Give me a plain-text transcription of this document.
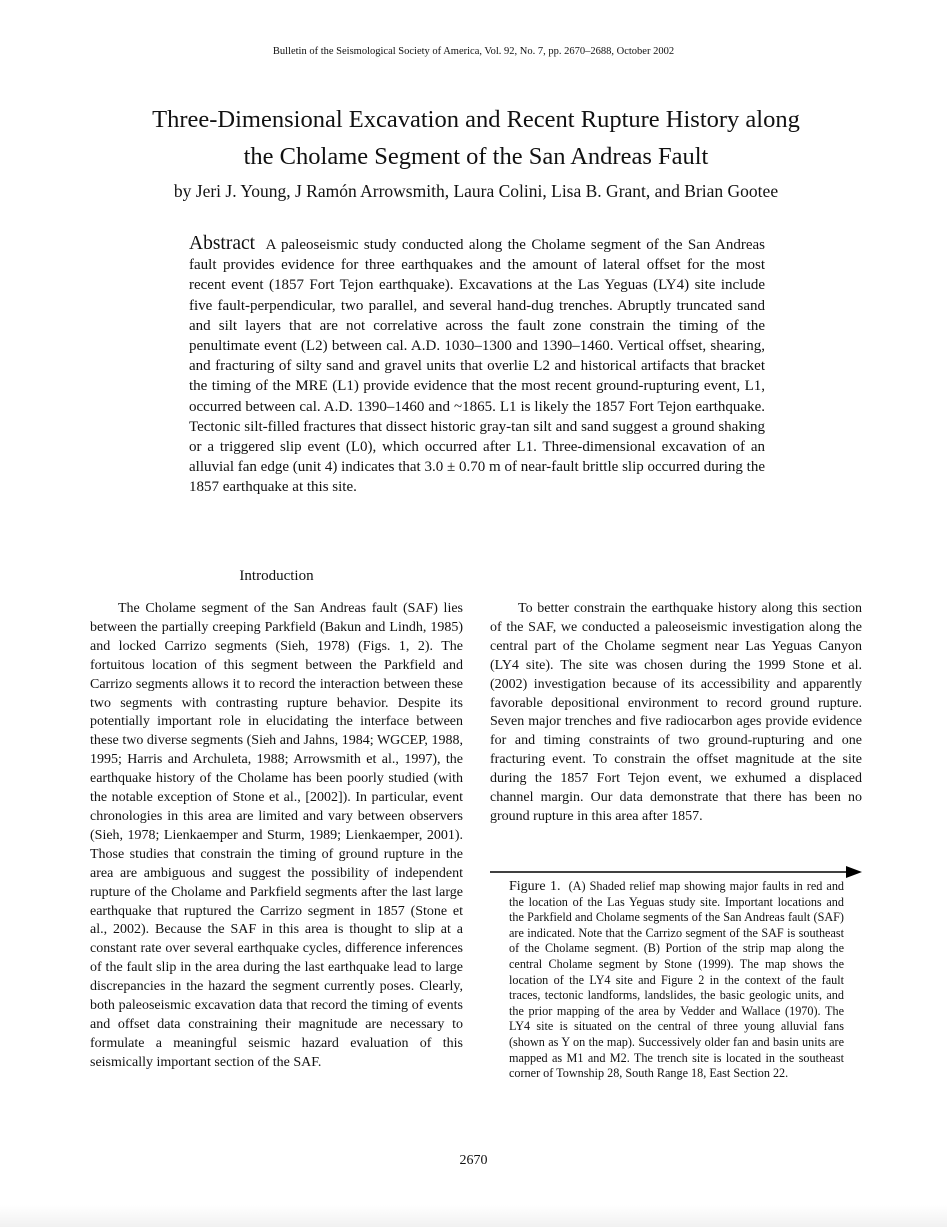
Bulletin of the Seismological Society of America, Vol. 92, No. 7, pp. 2670–2688, October 2002
Three-Dimensional Excavation and Recent Rupture History along
the Cholame Segment of the San Andreas Fault
by Jeri J. Young, J Ramón Arrowsmith, Laura Colini, Lisa B. Grant, and Brian Gootee
Abstract A paleoseismic study conducted along the Cholame segment of the San Andreas fault provides evidence for three earthquakes and the amount of lateral offset for the most recent event (1857 Fort Tejon earthquake). Excavations at the Las Yeguas (LY4) site include five fault-perpendicular, two parallel, and several hand-dug trenches. Abruptly truncated sand and silt layers that are not correlative across the fault zone constrain the timing of the penultimate event (L2) between cal. A.D. 1030–1300 and 1390–1460. Vertical offset, shearing, and fracturing of silty sand and gravel units that overlie L2 and historical artifacts that bracket the timing of the MRE (L1) provide evidence that the most recent ground-rupturing event, L1, occurred between cal. A.D. 1390–1460 and ~1865. L1 is likely the 1857 Fort Tejon earthquake. Tectonic silt-filled fractures that dissect historic gray-tan silt and sand suggest a ground shaking or a triggered slip event (L0), which occurred after L1. Three-dimensional excavation of an alluvial fan edge (unit 4) indicates that 3.0 ± 0.70 m of near-fault brittle slip occurred during the 1857 earthquake at this site.
Introduction

The Cholame segment of the San Andreas fault (SAF) lies between the partially creeping Parkfield (Bakun and Lindh, 1985) and locked Carrizo segments (Sieh, 1978) (Figs. 1, 2). The fortuitous location of this segment between the Parkfield and Carrizo segments allows it to record the interaction between these two segments with contrasting rupture behavior. Despite its potentially important role in elucidating the interface between these two diverse segments (Sieh and Jahns, 1984; WGCEP, 1988, 1995; Harris and Archuleta, 1988; Arrowsmith et al., 1997), the earthquake history of the Cholame has been poorly studied (with the notable exception of Stone et al., [2002]). In particular, event chronologies in this area are limited and vary between observers (Sieh, 1978; Lienkaemper and Sturm, 1989; Lienkaemper, 2001). Those studies that constrain the timing of ground rupture in the area are ambiguous and suggest the possibility of independent rupture of the Cholame and Parkfield segments after the last large earthquake that ruptured the Carrizo segment in 1857 (Stone et al., 2002). Because the SAF in this area is thought to slip at a constant rate over several earthquake cycles, difference inferences of the fault slip in the area during the last earthquake lead to large discrepancies in the hazard the segment currently poses. Clearly, both paleoseismic excavation data that record the timing of events and offset data constraining their magnitude are necessary to formulate a meaningful seismic hazard evaluation of this seismically important section of the SAF.

To better constrain the earthquake history along this section of the SAF, we conducted a paleoseismic investigation along the central part of the Cholame segment near Las Yeguas Canyon (LY4 site). The site was chosen during the 1999 Stone et al. (2002) investigation because of its accessibility and apparently favorable depositional environment to record ground rupture. Seven major trenches and five radiocarbon ages provide evidence for and timing constraints of two ground-rupturing and one fracturing event. To constrain the offset magnitude at the site during the 1857 Fort Tejon event, we exhumed a displaced channel margin. Our data demonstrate that there has been no ground rupture in this area after 1857.

Figure 1. (A) Shaded relief map showing major faults in red and the location of the Las Yeguas study site. Important locations and the Parkfield and Cholame segments of the San Andreas fault (SAF) are indicated. Note that the Carrizo segment of the SAF is southeast of the Cholame segment. (B) Portion of the strip map along the central Cholame segment by Stone (1999). The map shows the location of the LY4 site and Figure 2 in the context of the fault traces, tectonic landforms, landslides, the basic geologic units, and the prior mapping of the area by Vedder and Wallace (1970). The LY4 site is situated on the central of three young alluvial fans (shown as Y on the map). Successively older fan and basin units are mapped as M1 and M2. The trench site is located in the southeast corner of Township 28, South Range 18, East Section 22.
2670
